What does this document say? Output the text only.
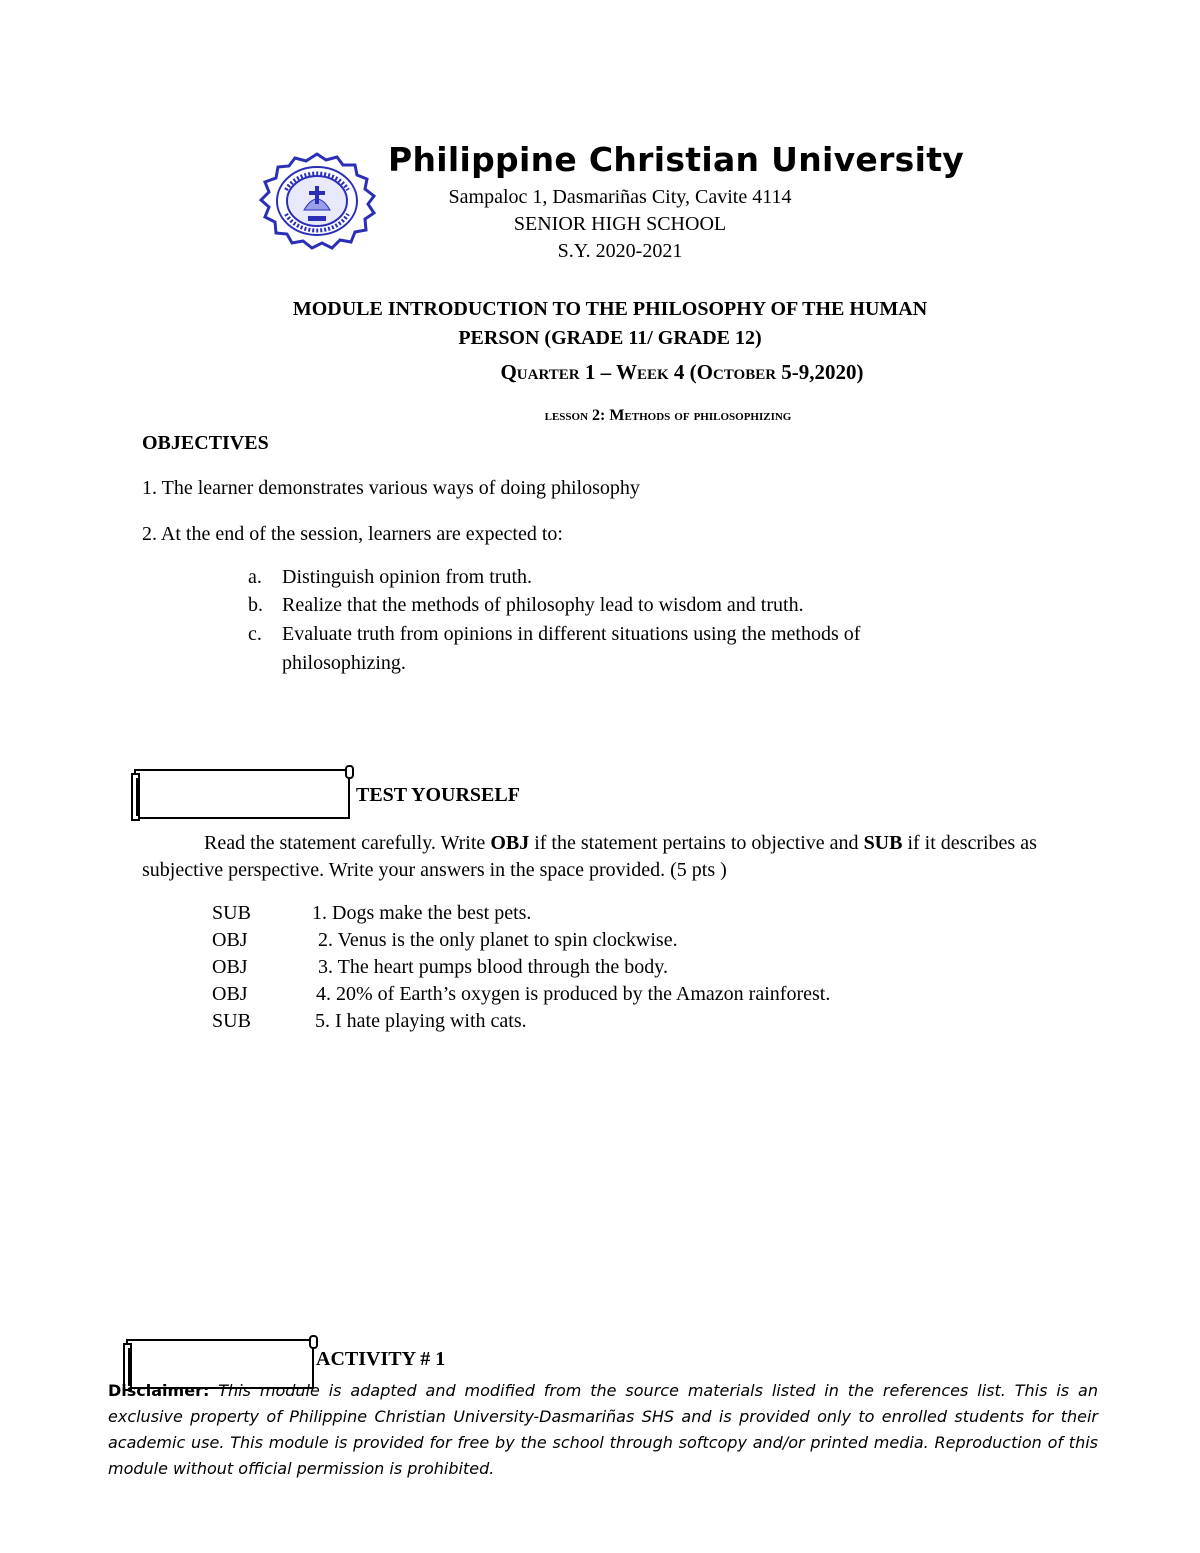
Philippine Christian University
Sampaloc 1, Dasmariñas City, Cavite 4114
SENIOR HIGH SCHOOL
S.Y. 2020-2021
MODULE INTRODUCTION TO THE PHILOSOPHY OF THE HUMAN
PERSON (GRADE 11/ GRADE 12)
Quarter 1 – Week 4 (October 5-9,2020)
lesson 2: Methods of philosophizing
OBJECTIVES
1. The learner demonstrates various ways of doing philosophy
2. At the end of the session, learners are expected to:
a. Distinguish opinion from truth.
b. Realize that the methods of philosophy lead to wisdom and truth.
c. Evaluate truth from opinions in different situations using the methods of
philosophizing.
TEST YOURSELF
Read the statement carefully. Write OBJ if the statement pertains to objective and SUB if it describes as subjective perspective. Write your answers in the space provided. (5 pts )
SUB	1. Dogs make the best pets.
OBJ	2. Venus is the only planet to spin clockwise.
OBJ	3. The heart pumps blood through the body.
OBJ	4. 20% of Earth’s oxygen is produced by the Amazon rainforest.
SUB	5. I hate playing with cats.
ACTIVITY # 1
Disclaimer: This module is adapted and modified from the source materials listed in the references list. This is an exclusive property of Philippine Christian University-Dasmariñas SHS and is provided only to enrolled students for their academic use. This module is provided for free by the school through softcopy and/or printed media. Reproduction of this module without official permission is prohibited.
